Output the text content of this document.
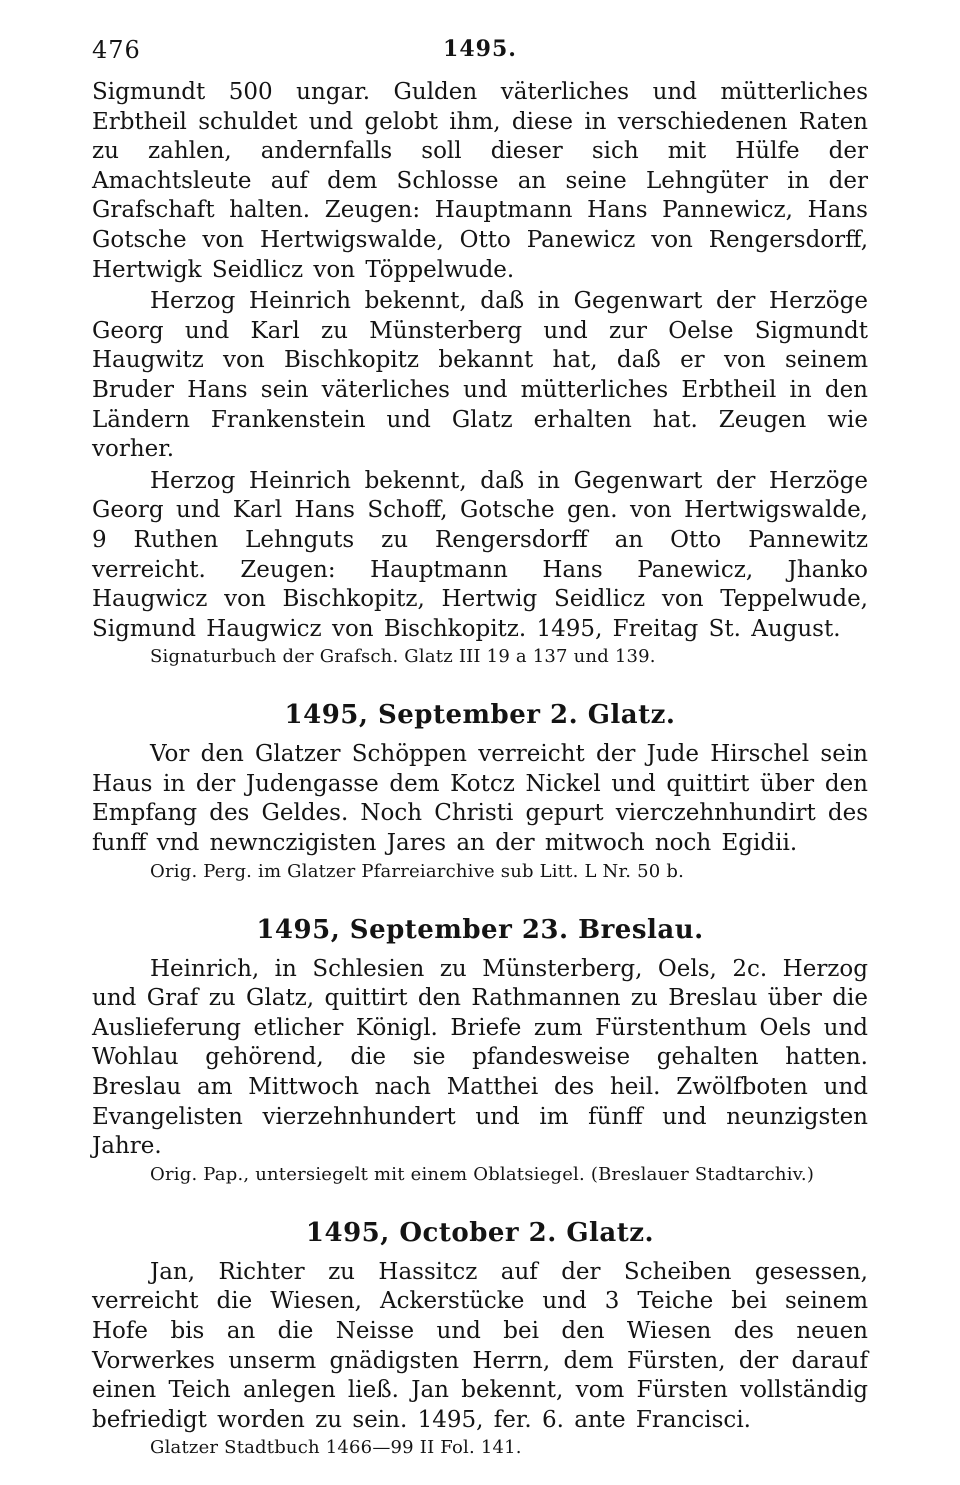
476	1495.

Sigmundt 500 ungar. Gulden väterliches und mütterliches Erbtheil schuldet und gelobt ihm, diese in verschiedenen Raten zu zahlen, andernfalls soll dieser sich mit Hülfe der Amachtsleute auf dem Schlosse an seine Lehngüter in der Grafschaft halten. Zeugen: Hauptmann Hans Pannewicz, Hans Gotsche von Hertwigswalde, Otto Panewicz von Rengersdorff, Hertwigk Seidlicz von Töppelwude.

Herzog Heinrich bekennt, daß in Gegenwart der Herzöge Georg und Karl zu Münsterberg und zur Oelse Sigmundt Haugwitz von Bischkopitz bekannt hat, daß er von seinem Bruder Hans sein väterliches und mütterliches Erbtheil in den Ländern Frankenstein und Glatz erhalten hat. Zeugen wie vorher.

Herzog Heinrich bekennt, daß in Gegenwart der Herzöge Georg und Karl Hans Schoff, Gotsche gen. von Hertwigswalde, 9 Ruthen Lehnguts zu Rengersdorff an Otto Pannewitz verreicht. Zeugen: Hauptmann Hans Panewicz, Jhanko Haugwicz von Bischkopitz, Hertwig Seidlicz von Teppelwude, Sigmund Haugwicz von Bischkopitz. 1495, Freitag St. August.

Signaturbuch der Grafsch. Glatz III 19 a 137 und 139.

1495, September 2. Glatz.

Vor den Glatzer Schöppen verreicht der Jude Hirschel sein Haus in der Judengasse dem Kotcz Nickel und quittirt über den Empfang des Geldes. Noch Christi gepurt vierczehnhundirt des funff vnd newnczigisten Jares an der mitwoch noch Egidii.

Orig. Perg. im Glatzer Pfarreiarchive sub Litt. L Nr. 50 b.

1495, September 23. Breslau.

Heinrich, in Schlesien zu Münsterberg, Oels, 2c. Herzog und Graf zu Glatz, quittirt den Rathmannen zu Breslau über die Auslieferung etlicher Königl. Briefe zum Fürstenthum Oels und Wohlau gehörend, die sie pfandesweise gehalten hatten. Breslau am Mittwoch nach Matthei des heil. Zwölfboten und Evangelisten vierzehnhundert und im fünff und neunzigsten Jahre.

Orig. Pap., untersiegelt mit einem Oblatsiegel. (Breslauer Stadtarchiv.)

1495, October 2. Glatz.

Jan, Richter zu Hassitcz auf der Scheiben gesessen, verreicht die Wiesen, Ackerstücke und 3 Teiche bei seinem Hofe bis an die Neisse und bei den Wiesen des neuen Vorwerkes unserm gnädigsten Herrn, dem Fürsten, der darauf einen Teich anlegen ließ. Jan bekennt, vom Fürsten vollständig befriedigt worden zu sein. 1495, fer. 6. ante Francisci.

Glatzer Stadtbuch 1466—99 II Fol. 141.
